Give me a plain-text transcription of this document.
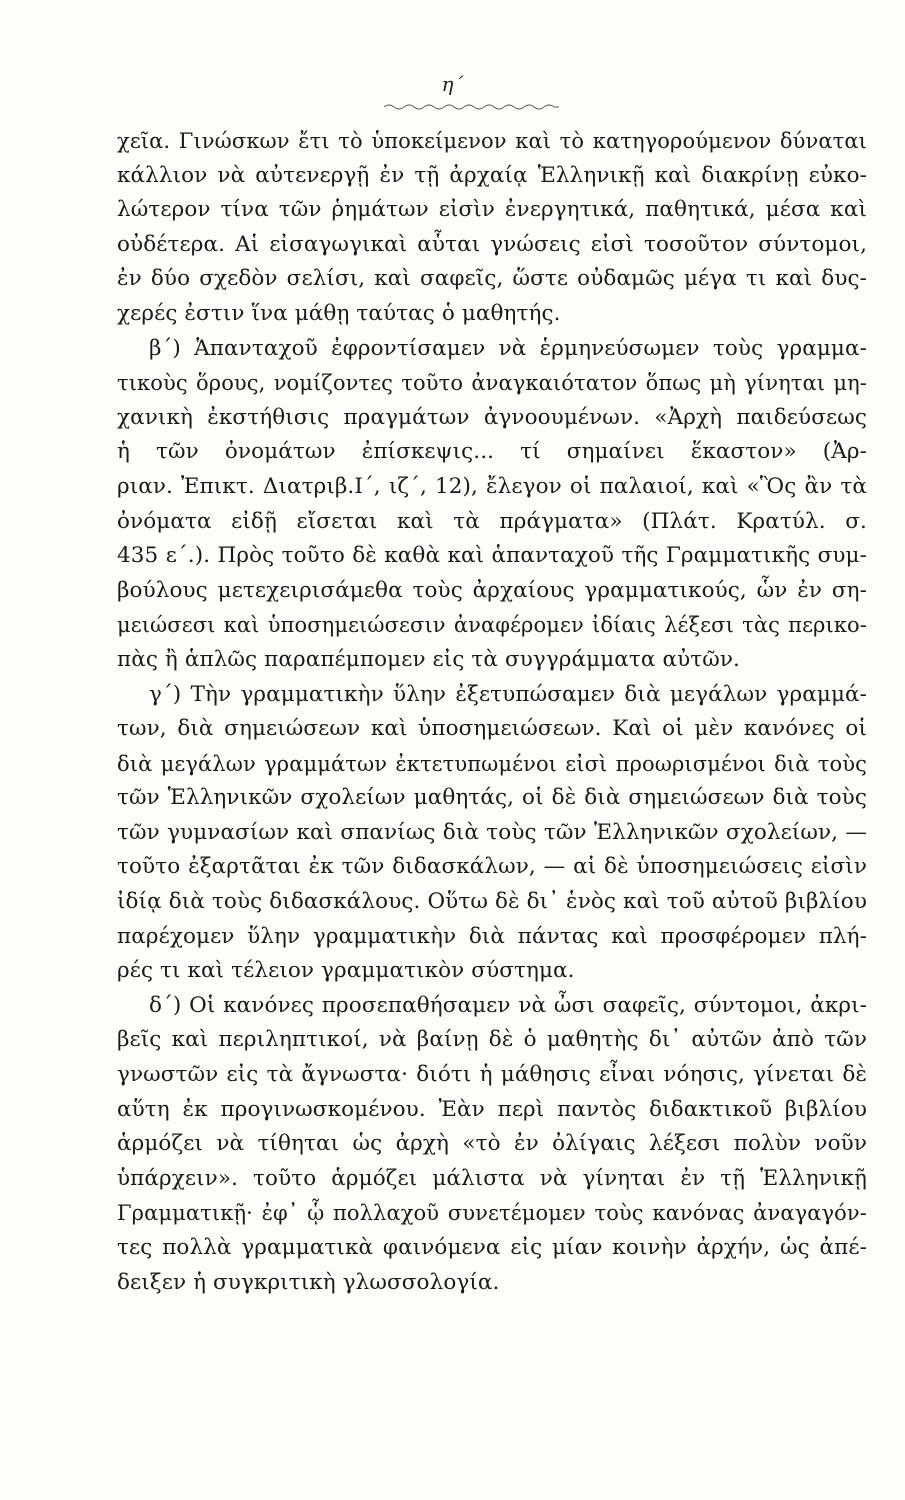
η΄
χεῖα. Γινώσκων ἔτι τὸ ὑποκείμενον καὶ τὸ κατηγορούμενον δύναται
κάλλιον νὰ αὐτενεργῇ ἐν τῇ ἀρχαίᾳ Ἑλληνικῇ καὶ διακρίνῃ εὐκο-
λώτερον τίνα τῶν ῥημάτων εἰσὶν ἐνεργητικά, παθητικά, μέσα καὶ
οὐδέτερα. Αἱ εἰσαγωγικαὶ αὗται γνώσεις εἰσὶ τοσοῦτον σύντομοι,
ἐν δύο σχεδὸν σελίσι, καὶ σαφεῖς, ὥστε οὐδαμῶς μέγα τι καὶ δυς-
χερές ἐστιν ἵνα μάθῃ ταύτας ὁ μαθητής.
β΄) Ἁπανταχοῦ ἐφροντίσαμεν νὰ ἑρμηνεύσωμεν τοὺς γραμμα-
τικοὺς ὅρους, νομίζοντες τοῦτο ἀναγκαιότατον ὅπως μὴ γίνηται μη-
χανικὴ ἐκστήθισις πραγμάτων ἀγνοουμένων. «Ἀρχὴ παιδεύσεως
ἡ τῶν ὀνομάτων ἐπίσκεψις... τί σημαίνει ἕκαστον» (Ἀρ-
ριαν. Ἐπικτ. Διατριβ.Ι΄, ιζ΄, 12), ἔλεγον οἱ παλαιοί, καὶ «Ὃς ἂν τὰ
ὀνόματα εἰδῇ εἴσεται καὶ τὰ πράγματα» (Πλάτ. Κρατύλ. σ.
435 ε΄.). Πρὸς τοῦτο δὲ καθὰ καὶ ἁπανταχοῦ τῆς Γραμματικῆς συμ-
βούλους μετεχειρισάμεθα τοὺς ἀρχαίους γραμματικούς, ὧν ἐν ση-
μειώσεσι καὶ ὑποσημειώσεσιν ἀναφέρομεν ἰδίαις λέξεσι τὰς περικο-
πὰς ἢ ἁπλῶς παραπέμπομεν εἰς τὰ συγγράμματα αὐτῶν.
γ΄) Τὴν γραμματικὴν ὕλην ἐξετυπώσαμεν διὰ μεγάλων γραμμά-
των, διὰ σημειώσεων καὶ ὑποσημειώσεων. Καὶ οἱ μὲν κανόνες οἱ
διὰ μεγάλων γραμμάτων ἐκτετυπωμένοι εἰσὶ προωρισμένοι διὰ τοὺς
τῶν Ἑλληνικῶν σχολείων μαθητάς, οἱ δὲ διὰ σημειώσεων διὰ τοὺς
τῶν γυμνασίων καὶ σπανίως διὰ τοὺς τῶν Ἑλληνικῶν σχολείων, —
τοῦτο ἐξαρτᾶται ἐκ τῶν διδασκάλων, — αἱ δὲ ὑποσημειώσεις εἰσὶν
ἰδίᾳ διὰ τοὺς διδασκάλους. Οὕτω δὲ δι᾽ ἑνὸς καὶ τοῦ αὐτοῦ βιβλίου
παρέχομεν ὕλην γραμματικὴν διὰ πάντας καὶ προσφέρομεν πλή-
ρές τι καὶ τέλειον γραμματικὸν σύστημα.
δ΄) Οἱ κανόνες προσεπαθήσαμεν νὰ ὦσι σαφεῖς, σύντομοι, ἀκρι-
βεῖς καὶ περιληπτικοί, νὰ βαίνῃ δὲ ὁ μαθητὴς δι᾽ αὐτῶν ἀπὸ τῶν
γνωστῶν εἰς τὰ ἄγνωστα· διότι ἡ μάθησις εἶναι νόησις, γίνεται δὲ
αὕτη ἐκ προγινωσκομένου. Ἐὰν περὶ παντὸς διδακτικοῦ βιβλίου
ἁρμόζει νὰ τίθηται ὡς ἀρχὴ «τὸ ἐν ὀλίγαις λέξεσι πολὺν νοῦν
ὑπάρχειν». τοῦτο ἁρμόζει μάλιστα νὰ γίνηται ἐν τῇ Ἑλληνικῇ
Γραμματικῇ· ἐφ᾽ ᾧ πολλαχοῦ συνετέμομεν τοὺς κανόνας ἀναγαγόν-
τες πολλὰ γραμματικὰ φαινόμενα εἰς μίαν κοινὴν ἀρχήν, ὡς ἀπέ-
δειξεν ἡ συγκριτικὴ γλωσσολογία.
